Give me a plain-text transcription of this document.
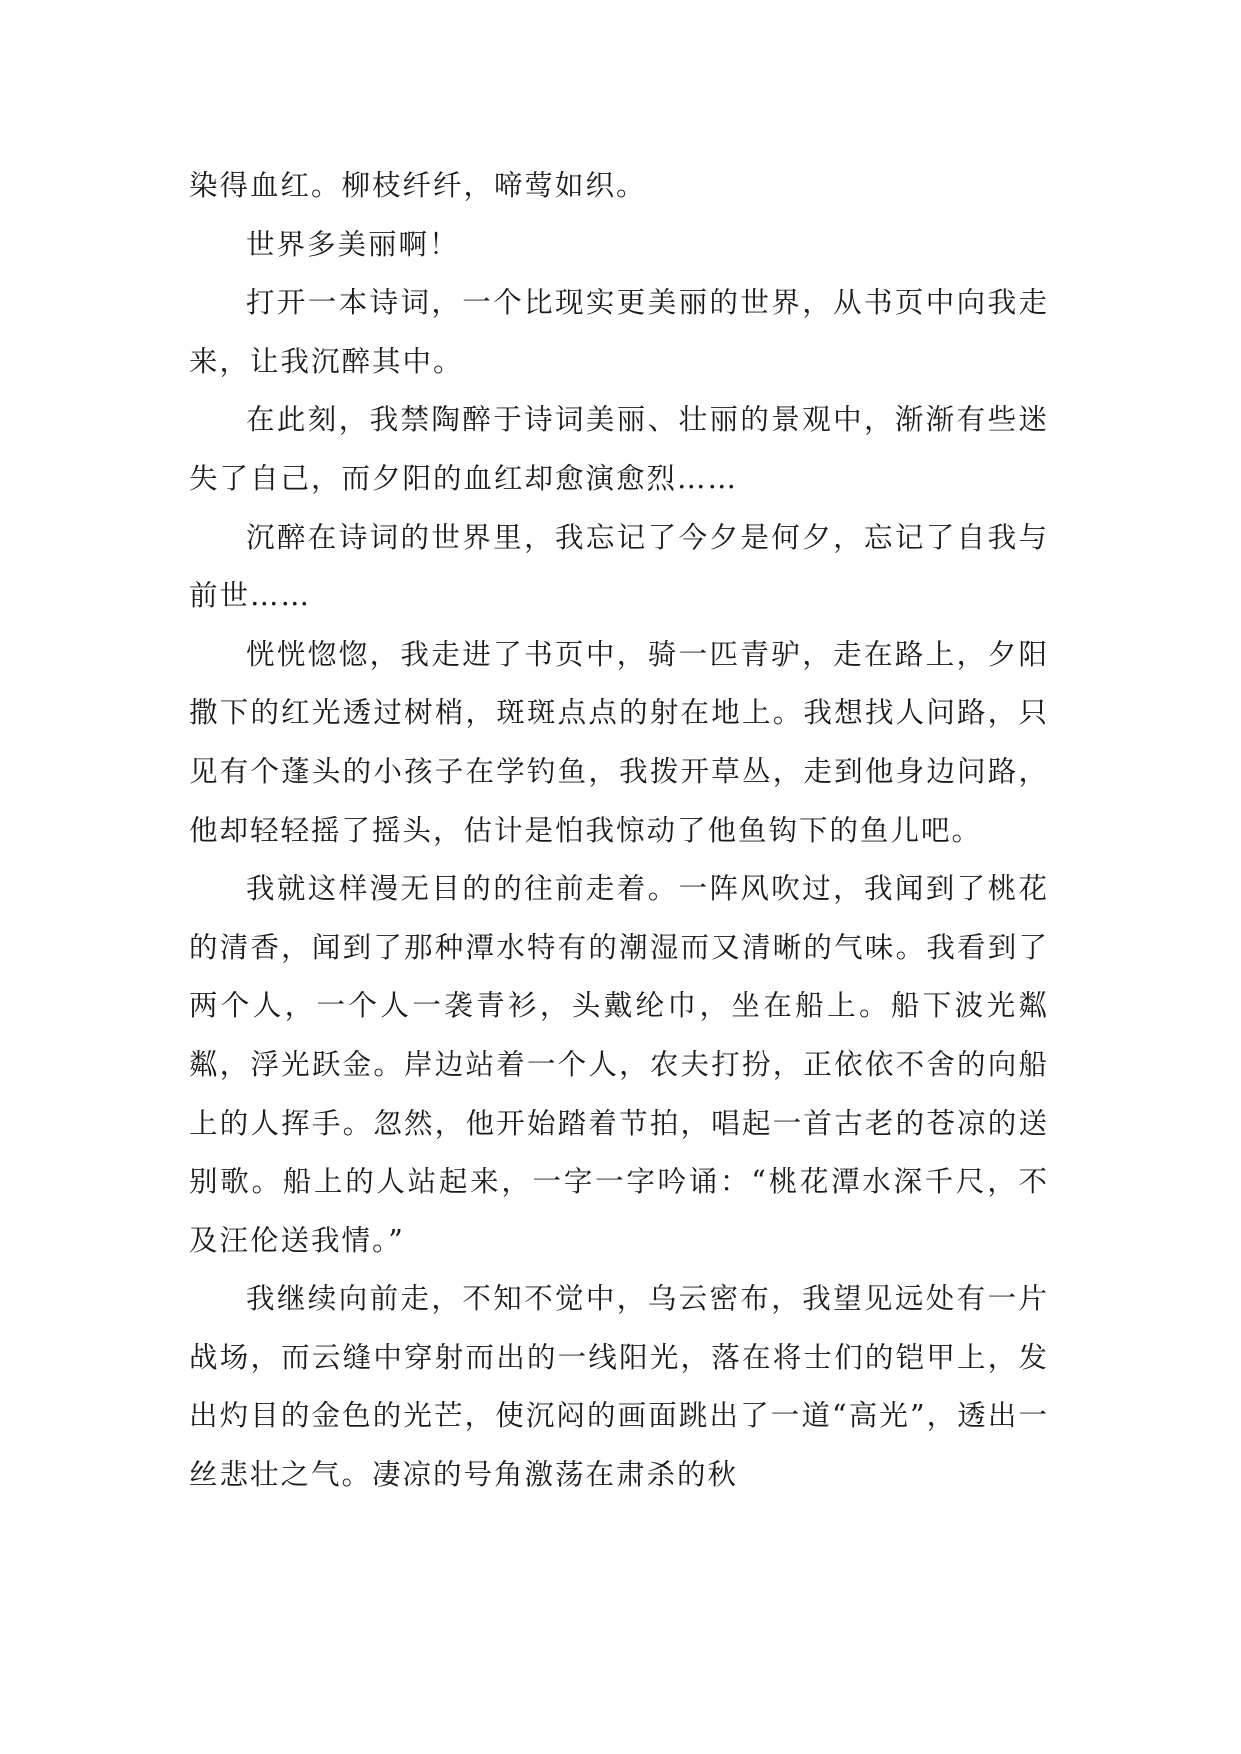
染得血红。柳枝纤纤，啼莺如织。

世界多美丽啊！

打开一本诗词，一个比现实更美丽的世界，从书页中向我走来，让我沉醉其中。

在此刻，我禁陶醉于诗词美丽、壮丽的景观中，渐渐有些迷失了自己，而夕阳的血红却愈演愈烈……

沉醉在诗词的世界里，我忘记了今夕是何夕，忘记了自我与前世……

恍恍惚惚，我走进了书页中，骑一匹青驴，走在路上，夕阳撒下的红光透过树梢，斑斑点点的射在地上。我想找人问路，只见有个蓬头的小孩子在学钓鱼，我拨开草丛，走到他身边问路，他却轻轻摇了摇头，估计是怕我惊动了他鱼钩下的鱼儿吧。

我就这样漫无目的的往前走着。一阵风吹过，我闻到了桃花的清香，闻到了那种潭水特有的潮湿而又清晰的气味。我看到了两个人，一个人一袭青衫，头戴纶巾，坐在船上。船下波光粼粼，浮光跃金。岸边站着一个人，农夫打扮，正依依不舍的向船上的人挥手。忽然，他开始踏着节拍，唱起一首古老的苍凉的送别歌。船上的人站起来，一字一字吟诵：“桃花潭水深千尺，不及汪伦送我情。”

我继续向前走，不知不觉中，乌云密布，我望见远处有一片战场，而云缝中穿射而出的一线阳光，落在将士们的铠甲上，发出灼目的金色的光芒，使沉闷的画面跳出了一道“高光”，透出一丝悲壮之气。凄凉的号角激荡在肃杀的秋
